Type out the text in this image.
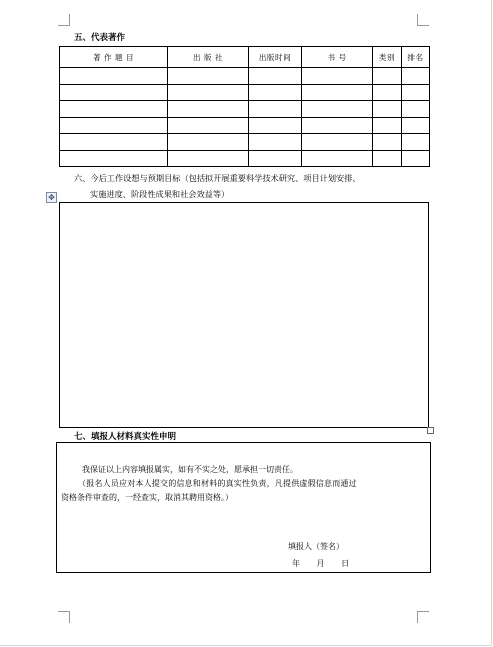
五、代表著作
著 作 题 目	出 版 社	出版时间	书 号	类别	排名

六、今后工作设想与预期目标（包括拟开展重要科学技术研究、项目计划安排、
实施进度、阶段性成果和社会效益等）
✥
七、填报人材料真实性申明
我保证以上内容填报属实，如有不实之处，愿承担一切责任。
（报名人员应对本人提交的信息和材料的真实性负责，凡提供虚假信息而通过
资格条件审查的，一经查实，取消其聘用资格。）
填报人（签名）
年 月 日
